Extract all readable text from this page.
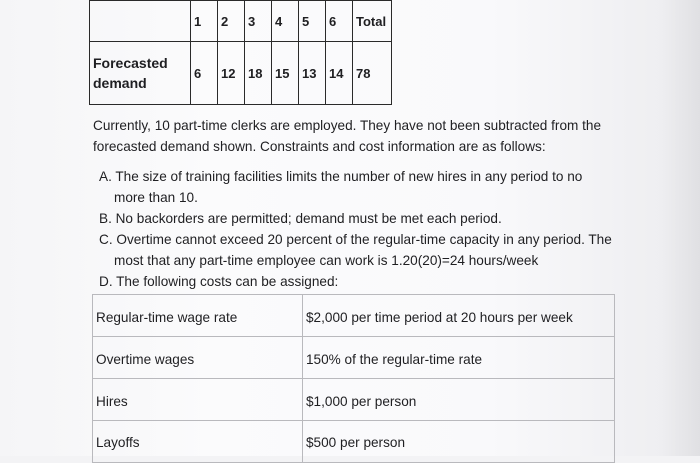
	1	2	3	4	5	6	Total
Forecasted demand	6	12	18	15	13	14	78
Currently, 10 part-time clerks are employed. They have not been subtracted from the forecasted demand shown. Constraints and cost information are as follows:
A. The size of training facilities limits the number of new hires in any period to no
more than 10.
B. No backorders are permitted; demand must be met each period.
C. Overtime cannot exceed 20 percent of the regular-time capacity in any period. The
most that any part-time employee can work is 1.20(20)=24 hours/week
D. The following costs can be assigned:
Regular-time wage rate	$2,000 per time period at 20 hours per week
Overtime wages	150% of the regular-time rate
Hires	$1,000 per person
Layoffs	$500 per person
